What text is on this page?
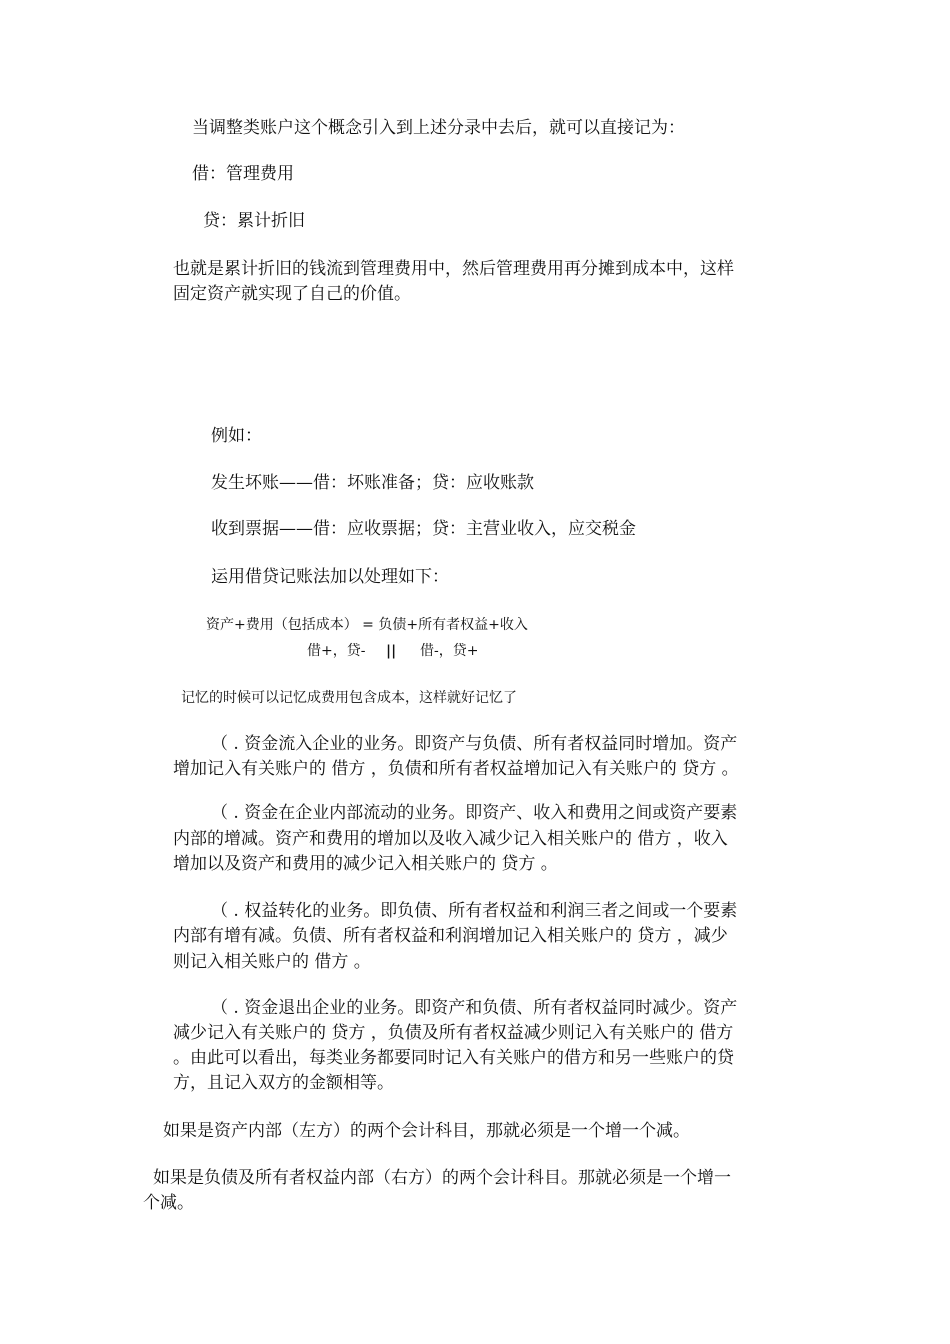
当调整类账户这个概念引入到上述分录中去后，就可以直接记为：
借：管理费用
贷：累计折旧
也就是累计折旧的钱流到管理费用中，然后管理费用再分摊到成本中，这样
固定资产就实现了自己的价值。
例如：
发生坏账——借：坏账准备；贷：应收账款
收到票据——借：应收票据；贷：主营业收入，应交税金
运用借贷记账法加以处理如下：
资产+费用（包括成本） = 负债+所有者权益+收入
借+，贷- || 借-，贷+
记忆的时候可以记忆成费用包含成本，这样就好记忆了
（ . 资金流入企业的业务。即资产与负债、所有者权益同时增加。资产
增加记入有关账户的 借方 ，负债和所有者权益增加记入有关账户的 贷方 。
（ . 资金在企业内部流动的业务。即资产、收入和费用之间或资产要素
内部的增减。资产和费用的增加以及收入减少记入相关账户的 借方 ，收入
增加以及资产和费用的减少记入相关账户的 贷方 。
（ . 权益转化的业务。即负债、所有者权益和利润三者之间或一个要素
内部有增有减。负债、所有者权益和利润增加记入相关账户的 贷方 ，减少
则记入相关账户的 借方 。
（ . 资金退出企业的业务。即资产和负债、所有者权益同时减少。资产
减少记入有关账户的 贷方 ，负债及所有者权益减少则记入有关账户的 借方
。由此可以看出，每类业务都要同时记入有关账户的借方和另一些账户的贷
方，且记入双方的金额相等。
如果是资产内部（左方）的两个会计科目，那就必须是一个增一个减。
如果是负债及所有者权益内部（右方）的两个会计科目。那就必须是一个增一
个减。
